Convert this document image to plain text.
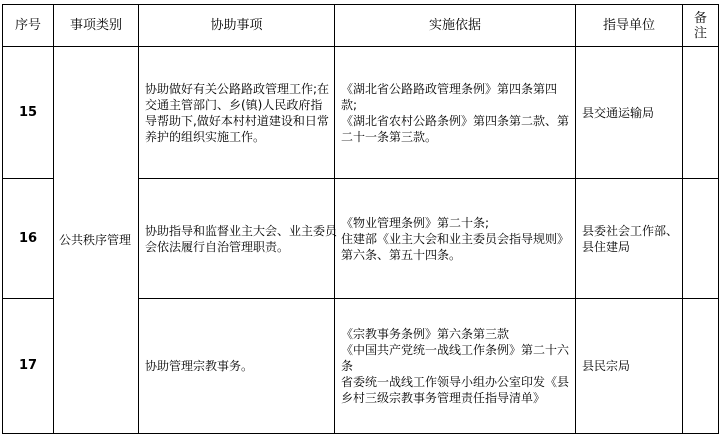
序号	事项类别	协助事项	实施依据	指导单位	备
注

15	公共秩序管理	协助做好有关公路路政管理工作;在
交通主管部门、乡(镇)人民政府指
导帮助下,做好本村村道建设和日常
养护的组织实施工作。	《湖北省公路路政管理条例》第四条第四
款;
《湖北省农村公路条例》第四条第二款、第
二十一条第三款。	县交通运输局	

16		协助指导和监督业主大会、业主委员
会依法履行自治管理职责。	《物业管理条例》第二十条;
住建部《业主大会和业主委员会指导规则》
第六条、第五十四条。	县委社会工作部、
县住建局	

17		协助管理宗教事务。	《宗教事务条例》第六条第三款
《中国共产党统一战线工作条例》第二十六
条
省委统一战线工作领导小组办公室印发《县
乡村三级宗教事务管理责任指导清单》	县民宗局	
